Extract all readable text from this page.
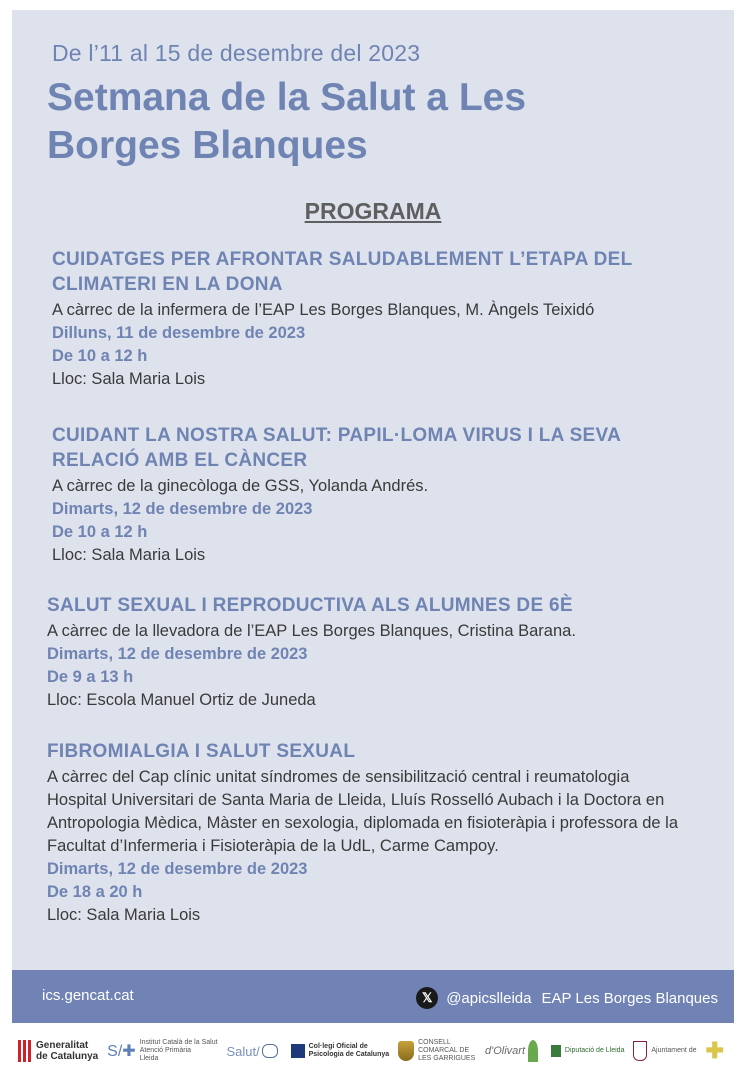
De l’11 al 15 de desembre del 2023
Setmana de la Salut a Les Borges Blanques
PROGRAMA
CUIDATGES PER AFRONTAR SALUDABLEMENT L’ETAPA DEL CLIMATERI EN LA DONA
A càrrec de la infermera de l’EAP Les Borges Blanques, M. Àngels Teixidó
Dilluns, 11 de desembre de 2023
De 10 a 12 h
Lloc: Sala Maria Lois
CUIDANT LA NOSTRA SALUT: PAPIL·LOMA VIRUS I LA SEVA RELACIÓ AMB EL CÀNCER
A càrrec de la ginecòloga de GSS, Yolanda Andrés.
Dimarts, 12 de desembre de 2023
De 10 a 12 h
Lloc: Sala Maria Lois
SALUT SEXUAL I REPRODUCTIVA ALS ALUMNES DE 6È
A càrrec de la llevadora de l’EAP Les Borges Blanques, Cristina Barana.
Dimarts, 12 de desembre de 2023
De 9 a 13 h
Lloc: Escola Manuel Ortiz de Juneda
FIBROMIALGIA I SALUT SEXUAL
A càrrec del Cap clínic unitat síndromes de sensibilització central i reumatologia Hospital Universitari de Santa Maria de Lleida, Lluís Rosselló Aubach i la Doctora en Antropologia Mèdica, Màster en sexologia, diplomada en fisioteràpia i professora de la Facultat d’Infermeria i Fisioteràpia de la UdL, Carme Campoy.
Dimarts, 12 de desembre de 2023
De 18 a 20 h
Lloc: Sala Maria Lois
ics.gencat.cat	𝕏 @apicslleida EAP Les Borges Blanques
Generalitat
de Catalunya S/✚
Institut Català de la Salut
Atenció Primària
Lleida	Salut/	Col·legi Oficial de
Psicologia de Catalunya
CONSELL COMARCAL DE LES GARRIGUES
d'Olivart	Diputació de Lleida	Ajuntament de ✚
